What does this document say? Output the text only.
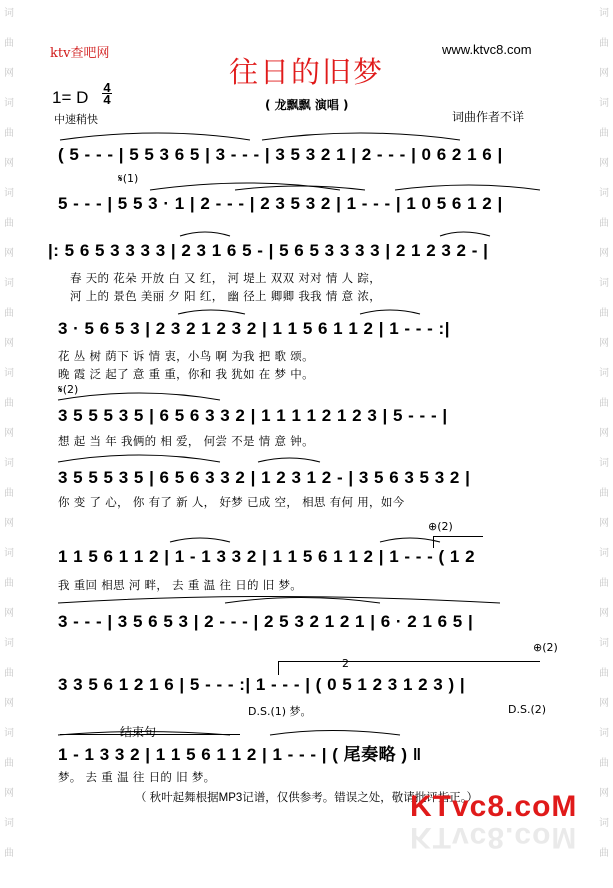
词
曲
网
词
曲
网
词
曲
网
词
曲
网
词
曲
网
词
曲
网
词
曲
网
词
曲
网
词
曲
网
词
曲
词
曲
网
词
曲
网
词
曲
网
词
曲
网
词
曲
网
词
曲
网
词
曲
网
词
曲
网
词
曲
网
词
曲
ktv查吧网	www.ktvc8.com
往日的旧梦
1= D
4
4	( 龙飘飘 演唱 )
中速稍快	词曲作者不详
𝄋(1)
𝄋(2)
⊕(2)
⊕(2)
D.S.(1) 梦。	D.S.(2)
结束句
2
( 5 - - - | 5 5 3 6 5 | 3 - - - | 3 5 3 2 1 | 2 - - - | 0 6 2 1 6 |
5 - - - | 5 5 3 · 1 | 2 - - - | 2 3 5 3 2 | 1 - - - | 1 0 5 6 1 2 |
|: 5 6 5 3 3 3 3 | 2 3 1 6 5 - | 5 6 5 3 3 3 3 | 2 1 2 3 2 - |
春 天的 花朵 开放 白 又 红， 河 堤上 双双 对对 情 人 踪，
河 上的 景色 美丽 夕 阳 红， 幽 径上 卿卿 我我 情 意 浓，
3 · 5 6 5 3 | 2 3 2 1 2 3 2 | 1 1 5 6 1 1 2 | 1 - - - :|
花 丛 树 荫下 诉 情 衷，小鸟 啊 为我 把 歌 颂。
晚 霞 泛 起了 意 重 重，你和 我 犹如 在 梦 中。
3 5 5 5 3 5 | 6 5 6 3 3 2 | 1 1 1 1 2 1 2 3 | 5 - - - |
想 起 当 年 我俩的 相 爱， 何尝 不是 情 意 钟。
3 5 5 5 3 5 | 6 5 6 3 3 2 | 1 2 3 1 2 - | 3 5 6 3 5 3 2 |
你 变 了 心， 你 有了 新 人， 好梦 已成 空， 相思 有何 用，如今
1 1 5 6 1 1 2 | 1 - 1 3 3 2 | 1 1 5 6 1 1 2 | 1 - - - ( 1 2
我 重回 相思 河 畔， 去 重 温 往 日的 旧 梦。
3 - - - | 3 5 6 5 3 | 2 - - - | 2 5 3 2 1 2 1 | 6 · 2 1 6 5 |
3 3 5 6 1 2 1 6 | 5 - - - :| 1 - - - | ( 0 5 1 2 3 1 2 3 ) |
1 - 1 3 3 2 | 1 1 5 6 1 1 2 | 1 - - - | ( 尾奏略 ) ‖
梦。 去 重 温 往 日的 旧 梦。
（ 秋叶起舞根据MP3记谱，仅供参考。错误之处，敬请批评指正。）
KTvc8.coM
KTvc8.coM
